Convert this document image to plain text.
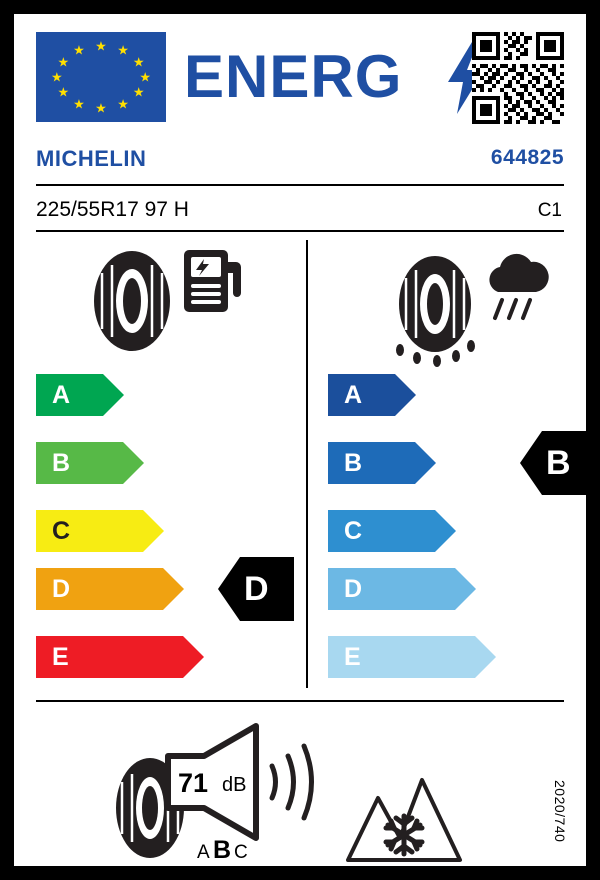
★ ★
★
★
★
★
★
★
★
★
★
★ ENERG
MICHELIN	644825
225/55R17 97 H	C1
A
B
C
D
E
D
A
B
C
D
E
B
71 dB
A B C
2020/740
